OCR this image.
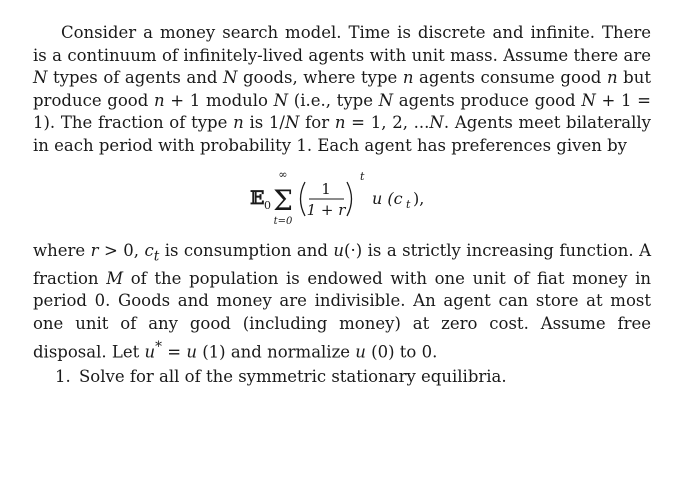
Consider a money search model. Time is discrete and infinite. There is a continuum of infinitely-lived agents with unit mass. Assume there are N types of agents and N goods, where type n agents consume good n but produce good n + 1 modulo N (i.e., type N agents produce good N + 1 = 1). The fraction of type n is 1/N for n = 1, 2, ...N. Agents meet bilaterally in each period with probability 1. Each agent has preferences given by

𝔼 0
∞
Σ
t=0
1
1 + r
t
u (c t ),

where r > 0, $c_t$ is consumption and u(·) is a strictly increasing function. A fraction M of the population is endowed with one unit of fiat money in period 0. Goods and money are indivisible. An agent can store at most one unit of any good (including money) at zero cost. Assume free disposal. Let u* = u (1) and normalize u (0) to 0.

1. Solve for all of the symmetric stationary equilibria.
